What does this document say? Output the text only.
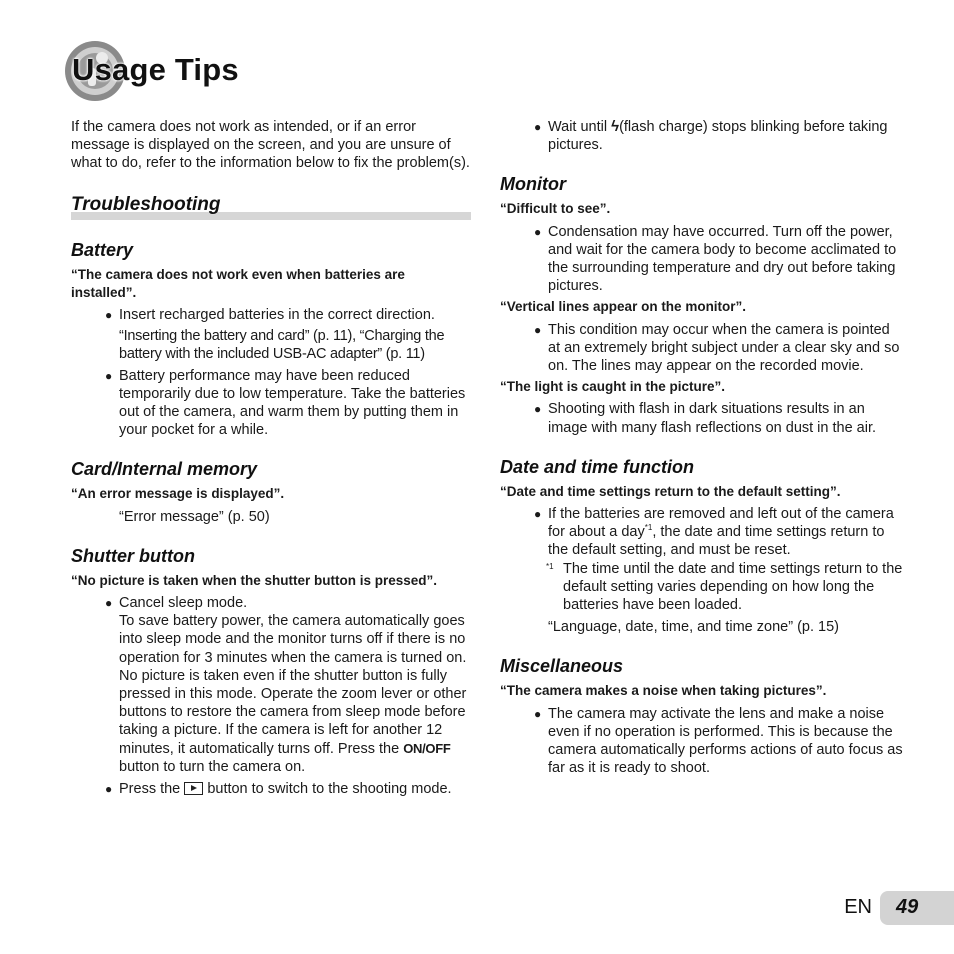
Usage Tips

If the camera does not work as intended, or if an error message is displayed on the screen, and you are unsure of what to do, refer to the information below to fix the problem(s).

Troubleshooting
Battery

“The camera does not work even when batteries are installed”.

● Insert recharged batteries in the correct direction.

“Inserting the battery and card” (p. 11), “Charging the battery with the included USB-AC adapter” (p. 11)

● Battery performance may have been reduced temporarily due to low temperature. Take the batteries out of the camera, and warm them by putting them in your pocket for a while.

Card/Internal memory

“An error message is displayed”.

“Error message” (p. 50)

Shutter button

“No picture is taken when the shutter button is pressed”.

● Cancel sleep mode.

To save battery power, the camera automatically goes into sleep mode and the monitor turns off if there is no operation for 3 minutes when the camera is turned on. No picture is taken even if the shutter button is fully pressed in this mode. Operate the zoom lever or other buttons to restore the camera from sleep mode before taking a picture. If the camera is left for another 12 minutes, it automatically turns off. Press the ON/OFF button to turn the camera on.

● Press the button to switch to the shooting mode.

● Wait until ϟ(flash charge) stops blinking before taking pictures.

Monitor

“Difficult to see”.

● Condensation may have occurred. Turn off the power, and wait for the camera body to become acclimated to the surrounding temperature and dry out before taking pictures.

“Vertical lines appear on the monitor”.

● This condition may occur when the camera is pointed at an extremely bright subject under a clear sky and so on. The lines may appear on the recorded movie.

“The light is caught in the picture”.

● Shooting with flash in dark situations results in an image with many flash reflections on dust in the air.

Date and time function

“Date and time settings return to the default setting”.

● If the batteries are removed and left out of the camera for about a day$^{*1}$, the date and time settings return to the default setting, and must be reset.

*1 The time until the date and time settings return to the default setting varies depending on how long the batteries have been loaded.

“Language, date, time, and time zone” (p. 15)

Miscellaneous

“The camera makes a noise when taking pictures”.

● The camera may activate the lens and make a noise even if no operation is performed. This is because the camera automatically performs actions of auto focus as far as it is ready to shoot.

EN 49
